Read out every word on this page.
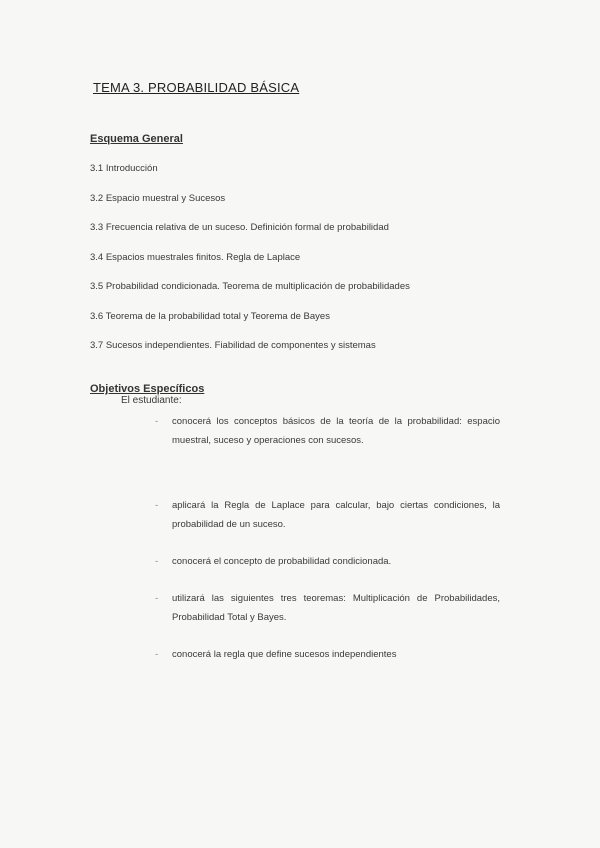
TEMA 3. PROBABILIDAD BÁSICA
Esquema General
3.1 Introducción
3.2 Espacio muestral y Sucesos
3.3 Frecuencia relativa de un suceso. Definición formal de probabilidad
3.4 Espacios muestrales finitos. Regla de Laplace
3.5 Probabilidad condicionada. Teorema de multiplicación de probabilidades
3.6 Teorema de la probabilidad total y Teorema de Bayes
3.7 Sucesos independientes. Fiabilidad de componentes y sistemas
Objetivos Específicos
El estudiante:
-	conocerá los conceptos básicos de la teoría de la probabilidad: espacio muestral, suceso y operaciones con sucesos.
-	aplicará la Regla de Laplace para calcular, bajo ciertas condiciones, la probabilidad de un suceso.
-	conocerá el concepto de probabilidad condicionada.
-	utilizará las siguientes tres teoremas: Multiplicación de Probabilidades, Probabilidad Total y Bayes.
-	conocerá la regla que define sucesos independientes
